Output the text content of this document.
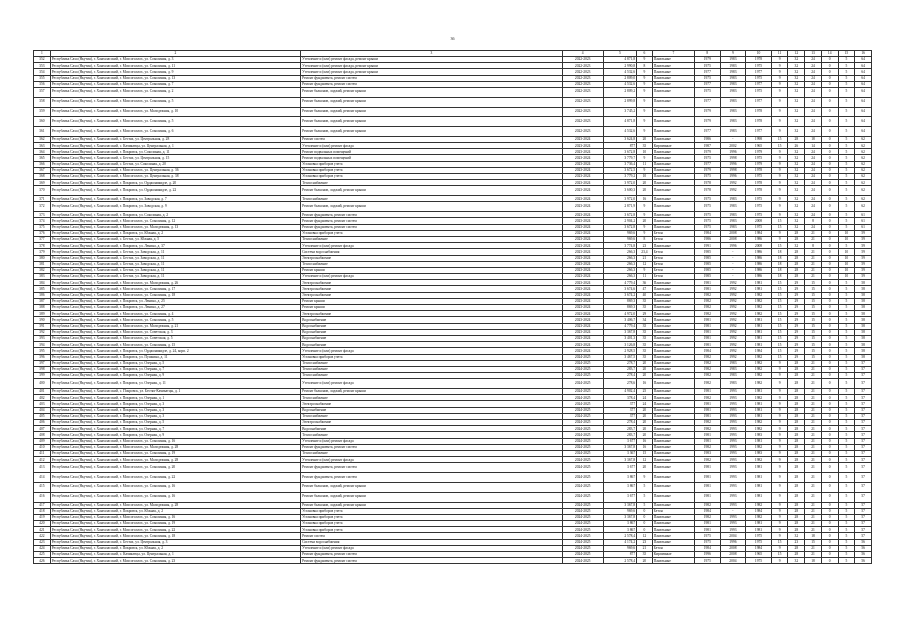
36
1	2	3	4	5	6	7	8	9	10	11	12	13	14	15	16
352	Республика Саха (Якутия), г. Хангаласский, г. Мохсоголлох, ул. Соколиная, д. 3	Утепление и (или) ремонт фасада, ремонт крыши	2022-2023	4 871,8	9	Панельные	1979	1983	1978	9	32	24	0	5	64
353	Республика Саха (Якутия), г. Хангаласский, г. Мохсоголлох, ул. Соколиная, д. 11	Утепление и (или) ремонт фасада, ремонт крыши	2022-2023	2 990,8	8	Панельные	1975	1983	1975	9	32	24	0	5	64
354	Республика Саха (Якутия), г. Хангаласский, г. Мохсоголлох, ул. Соколиная, д. 9	Утепление и (или) ремонт фасада, ремонт крыши	2022-2023	4 532,6	9	Панельные	1977	1983	1977	9	32	24	0	5	64
355	Республика Саха (Якутия), г. Хангаласский, г. Мохсоголлох, ул. Соколиная, д. 13	Ремонт фундамента, ремонт систем	2022-2023	2 809,0	9	Панельные	1975	1983	1975	9	32	24	0	5	64
356	Республика Саха (Якутия), г. Хангаласский, г. Мохсоголлох, ул. Соколиная, д. 7	Ремонт фундамента, ремонт систем	2022-2023	4 532,6	9	Панельные	1977	1983	1977	9	32	24	0	5	64
357	Республика Саха (Якутия), г. Хангаласский, г. Мохсоголлох, ул. Соколиная, д. 2	Ремонт балконов, лоджий, ремонт крыши	2022-2023	2 809,2	9	Панельные	1975	1983	1975	9	32	24	0	5	64
358	Республика Саха (Якутия), г. Хангаласский, г. Мохсоголлох, ул. Соколиная, д. 5	Ремонт балконов, лоджий, ремонт крыши	2022-2023	2 899,8	9	Панельные	1977	1983	1977	9	32	24	0	5	64
359	Республика Саха (Якутия), г. Хангаласский, г. Мохсоголлох, ул. Молодежная, д. 10	Ремонт балконов, лоджий, ремонт крыши	2022-2023	3 745,2	9	Панельные	1979	1983	1978	9	32	24	0	5	64
360	Республика Саха (Якутия), г. Хангаласский, г. Мохсоголлох, ул. Соколиная, д. 5	Ремонт балконов, лоджий, ремонт крыши	2022-2023	4 871,8	9	Панельные	1979	1983	1978	9	32	24	0	5	64
361	Республика Саха (Якутия), г. Хангаласский, г. Мохсоголлох, ул. Соколиная, д. 6	Ремонт балконов, лоджий, ремонт крыши	2022-2023	4 532,6	9	Панельные	1977	1983	1977	9	32	24	0	5	64
362	Республика Саха (Якутия), г. Хангаласский, с. Бестях, ул. Центральная, д. 28	Ремонт систем	2023-2024	3 624,8	20	Панельные	1986	-	1998	15	28	18	0	5	62
363	Республика Саха (Якутия), г. Хангаласский, с. Качикатцы, ул. Центральная, д. 1	Утепление и (или) ремонт фасада	2023-2024	877	35	Кирпичные	1987	2002	1965	15	26	14	0	5	62
364	Республика Саха (Якутия), г. Хангаласский, г. Покровск, ул. Соколиная, д. 11	Ремонт подвальных помещений	2023-2024	3 672,8	10	Панельные	1979	1996	1979	9	32	24	0	5	62
365	Республика Саха (Якутия), г. Хангаласский, с. Бестях, ул. Центральная, д. 15	Ремонт подвальных помещений	2023-2024	3 779,7	9	Панельные	1975	1998	1975	9	32	24	0	5	62
366	Республика Саха (Якутия), г. Хангаласский, с. Бестях, ул. Соколиная, д. 20	Установка приборов учета	2023-2024	3 736,4	11	Панельные	1977	1996	1979	9	32	24	0	5	62
367	Республика Саха (Якутия), г. Хангаласский, г. Мохсоголлох, ул. Центральная, д. 36	Установка приборов учета	2023-2024	3 672,5	9	Панельные	1979	1998	1978	9	32	24	0	5	62
368	Республика Саха (Якутия), г. Хангаласский, г. Мохсоголлох, ул. Центральная, д. 38	Установка приборов учета	2023-2024	3 779,2	10	Панельные	1975	1996	1975	9	32	24	0	5	62
369	Республика Саха (Якутия), г. Хангаласский, г. Покровск, ул. Орджоникидзе, д. 20	Теплоснабжение	2023-2024	3 972,0	20	Панельные	1978	1992	1978	9	32	24	0	5	62
370	Республика Саха (Якутия), г. Хангаласский, г. Покровск, ул. Орджоникидзе, д. 22	Ремонт балконов, лоджий, ремонт крыши	2023-2024	3 600,3	20	Панельные	1978	1992	1978	9	32	24	0	5	62
371	Республика Саха (Якутия), г. Хангаласский, г. Покровск, ул. Заводская, д. 7	Теплоснабжение	2023-2024	3 972,0	16	Панельные	1975	1983	1975	9	32	24	0	5	62
372	Республика Саха (Якутия), г. Хангаласский, г. Покровск, ул. Заводская, д. 9	Ремонт балконов, лоджий, ремонт крыши	2023-2024	2 871,9	9	Панельные	1975	1983	1975	9	32	24	0	5	62
373	Республика Саха (Якутия), г. Хангаласский, г. Покровск, ул. Соколиная, д. 2	Ремонт фундамента, ремонт систем	2023-2024	3 672,8	9	Панельные	1975	1983	1975	9	32	24	0	5	61
374	Республика Саха (Якутия), г. Хангаласский, г. Мохсоголлох, ул. Соколиная, д. 12	Ремонт фундамента, ремонт систем	2023-2024	2 904,2	20	Панельные	1975	1983	2008	15	32	8	0	5	61
375	Республика Саха (Якутия), г. Хангаласский, г. Мохсоголлох, ул. Молодежная, д. 13	Ремонт фундамента, ремонт систем	2023-2024	3 672,8	9	Панельные	1975	1983	1975	15	32	24	0	5	61
376	Республика Саха (Якутия), г. Хангаласский, г. Покровск, ул. Южная, д. 2	Установка приборов учета	2023-2024	969,6	9	Бетон	1984	2008	1984	9	28	21	0	10	59
377	Республика Саха (Якутия), г. Хангаласский, с. Бестях, ул. Южная, д. 5	Теплоснабжение	2023-2024	969,6	8	Бетон	1986	2008	1986	9	28	21	0	10	59
378	Республика Саха (Якутия), г. Хангаласский, г. Покровск, ул. Ленина, д. 37	Утепление и (или) ремонт фасада	2023-2024	3 774,8	23	Панельные	1991	1996	2008	15	32	8	0	5	59
379	Республика Саха (Якутия), г. Хангаласский, с. Бестях, ул. Заводская, д. 11	Система водоснабжения	2023-2024	266,3	23,4	Бетон	1985	-	1986	18	28	21	0	10	59
380	Республика Саха (Якутия), г. Хангаласский, с. Бестях, ул. Заводская, д. 11	Электроснабжение	2023-2024	266,3	21	Бетон	1985	-	1986	18	28	21	0	10	59
381	Республика Саха (Якутия), г. Хангаласский, с. Бестях, ул. Заводская, д. 11	Теплоснабжение	2023-2024	266,3	12	Бетон	1985	-	1986	18	28	21	0	10	59
382	Республика Саха (Якутия), г. Хангаласский, с. Бестях, ул. Заводская, д. 11	Ремонт крыши	2023-2024	266,3	9	Бетон	1985	-	1986	18	28	21	0	10	59
383	Республика Саха (Якутия), г. Хангаласский, с. Бестях, ул. Заводская, д. 11	Утепление и (или) ремонт фасада	2023-2024	266,3	11	Бетон	1985	-	1986	18	28	21	0	10	59
384	Республика Саха (Якутия), г. Хангаласский, г. Мохсоголлох, ул. Молодежная, д. 26	Электроснабжение	2023-2024	4 779,4	36	Панельные	1981	1992	1981	15	29	15	0	5	58
385	Республика Саха (Якутия), г. Хангаласский, г. Мохсоголлох, ул. Соколиная, д. 17	Электроснабжение	2023-2024	3 674,6	47	Панельные	1981	1992	1981	15	29	15	0	5	58
386	Республика Саха (Якутия), г. Хангаласский, г. Мохсоголлох, ул. Соколиная, д. 18	Электроснабжение	2023-2024	3 674,2	40	Панельные	1982	1992	1982	15	29	15	0	5	58
387	Республика Саха (Якутия), г. Хангаласский, г. Покровск, ул. Ленина, д. 25	Ремонт крыши	2023-2024	869,3	35	Панельные	1982	1992	1982	15	29	15	0	5	58
388	Республика Саха (Якутия), г. Хангаласский, г. Покровск, ул. Ленина, д. 27	Ремонт крыши	2023-2024	869,3	35	Панельные	1982	1992	1982	15	29	15	0	5	58
389	Республика Саха (Якутия), г. Хангаласский, г. Мохсоголлох, ул. Соколиная, д. 4	Электроснабжение	2023-2024	4 972,0	29	Панельные	1982	1992	1982	15	29	15	0	5	58
390	Республика Саха (Якутия), г. Хангаласский, г. Мохсоголлох, ул. Соколиная, д. 5	Водоснабжение	2023-2024	3 406,7	34	Панельные	1981	1992	1981	15	29	15	0	5	58
391	Республика Саха (Якутия), г. Хангаласский, г. Мохсоголлох, ул. Молодежная, д. 21	Водоснабжение	2023-2024	4 779,4	35	Панельные	1981	1992	1981	15	29	15	0	5	58
392	Республика Саха (Якутия), г. Хангаласский, г. Мохсоголлох, ул. Советская, д. 3	Водоснабжение	2023-2024	3 367,8	35	Панельные	1981	1992	1981	15	29	15	0	5	58
393	Республика Саха (Якутия), г. Хангаласский, г. Мохсоголлох, ул. Советская, д. 5	Водоснабжение	2023-2024	3 401,3	35	Панельные	1981	1992	1981	15	29	15	0	5	58
394	Республика Саха (Якутия), г. Хангаласский, г. Мохсоголлох, ул. Соколиная, д. 15	Водоснабжение	2023-2024	3 126,8	35	Панельные	1981	1992	1981	15	29	15	0	5	58
395	Республика Саха (Якутия), г. Хангаласский, г. Покровск, ул. Орджоникидзе, д. 24, корп. 2	Утепление и (или) ремонт фасада	2023-2024	2 928,5	35	Панельные	1984	1992	1984	15	29	15	0	5	58
396	Республика Саха (Якутия), г. Хангаласский, г. Покровск, ул. Пушкина, д. 11	Установка приборов учета	2024-2025	3 467,5	35	Панельные	1982	1992	1982	15	29	15	0	5	58
397	Республика Саха (Якутия), г. Хангаласский, г. Покровск, ул. Озерная, д. 5	Теплоснабжение	2024-2025	278,7	20	Панельные	1982	1983	1982	9	28	21	0	5	57
398	Республика Саха (Якутия), г. Хангаласский, г. Покровск, ул. Озерная, д. 7	Теплоснабжение	2024-2025	283,7	20	Панельные	1982	1983	1982	9	28	21	0	5	57
399	Республика Саха (Якутия), г. Хангаласский, г. Покровск, ул. Озерная, д. 9	Теплоснабжение	2024-2025	278,4	20	Панельные	1982	1983	1982	9	28	21	0	5	57
400	Республика Саха (Якутия), г. Хангаласский, г. Покровск, ул. Озерная, д. 11	Утепление и (или) ремонт фасада	2024-2025	278,6	16	Панельные	1982	1983	1982	9	28	21	0	5	57
401	Республика Саха (Якутия), г. Хангаласский, с. Покровск, ул. Бестях-Качикатцы, д. 1	Ремонт балконов, лоджий, ремонт крыши	2024-2025	4 902,4	25	Панельные	1981	1993	1981	9	28	21	0	5	57
402	Республика Саха (Якутия), г. Хангаласский, г. Покровск, ул. Озерная, д. 1	Теплоснабжение	2024-2025	378,4	24	Панельные	1982	1993	1982	9	28	21	0	5	57
403	Республика Саха (Якутия), г. Хангаласский, г. Покровск, ул. Озерная, д. 3	Электроснабжение	2024-2025	377	24	Панельные	1981	1993	1981	9	28	21	0	5	57
404	Республика Саха (Якутия), г. Хангаласский, г. Покровск, ул. Озерная, д. 3	Водоснабжение	2024-2025	377	20	Панельные	1981	1993	1981	9	28	21	0	5	57
405	Республика Саха (Якутия), г. Хангаласский, г. Покровск, ул. Озерная, д. 3	Теплоснабжение	2024-2025	377	20	Панельные	1981	1993	1981	9	28	21	0	5	57
406	Республика Саха (Якутия), г. Хангаласский, г. Покровск, ул. Озерная, д. 5	Электроснабжение	2024-2025	278,4	20	Панельные	1982	1993	1982	9	28	21	0	5	57
407	Республика Саха (Якутия), г. Хангаласский, г. Покровск, ул. Озерная, д. 7	Водоснабжение	2024-2025	283,7	20	Панельные	1982	1993	1982	9	28	21	0	5	57
408	Республика Саха (Якутия), г. Хангаласский, г. Покровск, ул. Озерная, д. 9	Теплоснабжение	2024-2025	283,7	20	Панельные	1981	1993	1983	9	28	21	0	5	57
409	Республика Саха (Якутия), г. Хангаласский, г. Мохсоголлох, ул. Соколиная, д. 16	Утепление и (или) ремонт фасада	2024-2025	3 677	16	Панельные	1981	1993	1981	9	28	21	0	5	57
410	Республика Саха (Якутия), г. Хангаласский, г. Мохсоголлох, ул. Молодежная, д. 28	Ремонт фундамента, ремонт систем	2024-2025	3 367,8	16	Панельные	1982	1993	1982	9	28	21	0	5	57
411	Республика Саха (Якутия), г. Хангаласский, г. Мохсоголлох, ул. Соколиная, д. 19	Теплоснабжение	2024-2025	3 367	15	Панельные	1983	1993	1983	9	28	21	0	5	57
412	Республика Саха (Якутия), г. Хангаласский, г. Мохсоголлох, ул. Молодежная, д. 28	Утепление и (или) ремонт фасада	2024-2025	3 367,8	12	Панельные	1982	1993	1982	9	28	21	0	5	57
413	Республика Саха (Якутия), г. Хангаласский, г. Мохсоголлох, ул. Соколиная, д. 20	Ремонт фундамента, ремонт систем	2024-2025	3 677	20	Панельные	1981	1993	1981	9	28	21	0	5	57
414	Республика Саха (Якутия), г. Хангаласский, г. Мохсоголлох, ул. Соколиная, д. 22	Ремонт фундамента, ремонт систем	2024-2025	3 867	9	Панельные	1981	1993	1981	9	28	21	0	5	57
415	Республика Саха (Якутия), г. Хангаласский, г. Мохсоголлох, ул. Соколиная, д. 16	Ремонт балконов, лоджий, ремонт крыши	2024-2025	3 867	5	Панельные	1981	1993	1981	9	28	21	0	5	57
416	Республика Саха (Якутия), г. Хангаласский, г. Мохсоголлох, ул. Соколиная, д. 16	Ремонт балконов, лоджий, ремонт крыши	2024-2025	3 677	5	Панельные	1981	1993	1981	9	28	21	0	5	57
417	Республика Саха (Якутия), г. Хангаласский, г. Мохсоголлох, ул. Молодежная, д. 28	Ремонт балконов, лоджий, ремонт крыши	2024-2025	3 367,8	5	Панельные	1982	1993	1982	9	28	21	0	5	57
418	Республика Саха (Якутия), г. Хангаласский, г. Покровск, ул. Южная, д. 2	Установка приборов учета	2024-2025	969,6	0	Бетон	1984	-	1984	9	28	21	0	5	57
419	Республика Саха (Якутия), г. Хангаласский, г. Мохсоголлох, ул. Соколиная, д. 16	Установка приборов учета	2024-2025	3 367,8	0	Панельные	1982	1993	1982	9	28	21	0	5	57
420	Республика Саха (Якутия), г. Хангаласский, г. Мохсоголлох, ул. Соколиная, д. 19	Установка приборов учета	2024-2025	3 867	0	Панельные	1981	1993	1981	9	28	21	0	5	57
421	Республика Саха (Якутия), г. Хангаласский, г. Мохсоголлох, ул. Соколиная, д. 22	Установка приборов учета	2024-2025	3 867	0	Панельные	1981	1993	1981	9	28	21	0	5	57
422	Республика Саха (Якутия), г. Хангаласский, г. Мохсоголлох, ул. Соколиная, д. 18	Ремонт систем	2024-2025	2 578,4	12	Панельные	1975	2004	1975	9	32	18	0	5	57
423	Республика Саха (Якутия), г. Хангаласский, с. Бестях, ул. Центральная, д. 3	Система водоснабжения	2024-2025	4 174,2	23	Панельные	1975	1996	1975	15	23	15	0	5	56
424	Республика Саха (Якутия), г. Хангаласский, г. Покровск, ул. Южная, д. 2	Утепление и (или) ремонт фасада	2024-2025	969,6	21	Бетон	1984	2008	1984	9	28	21	0	5	56
425	Республика Саха (Якутия), г. Хангаласский, с. Качикатцы, ул. Центральная, д. 1	Ремонт фундамента, ремонт систем	2024-2025	877	35	Кирпичные	1996	2008	1965	15	28	21	0	5	56
426	Республика Саха (Якутия), г. Хангаласский, г. Мохсоголлох, ул. Соколиная, д. 23	Ремонт фундамента, ремонт систем	2024-2025	2 578,4	20	Панельные	1975	2004	1975	9	32	18	0	5	56
